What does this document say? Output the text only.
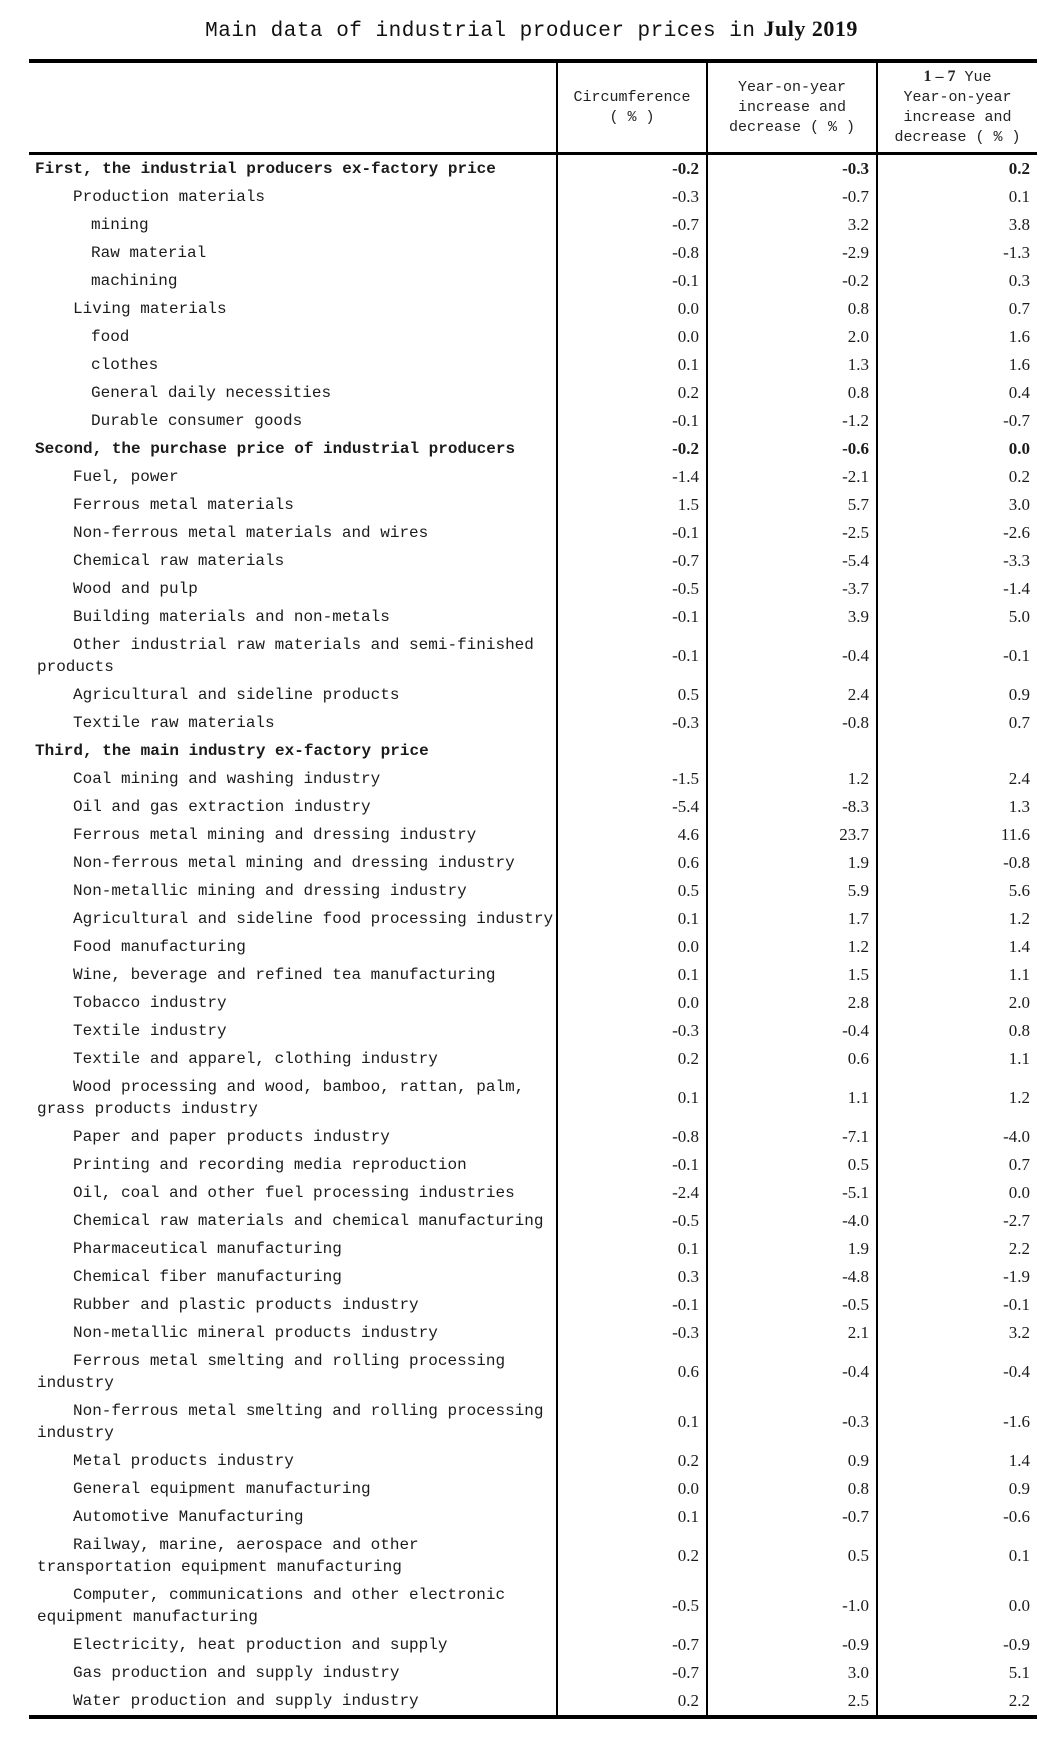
Main data of industrial producer prices in July 2019

Circumference
( % )

Year-on-year
increase and
decrease ( % )

1 – 7 Yue
Year-on-year
increase and
decrease ( % )

First, the industrial producers ex-factory price	-0.2	-0.3	0.2
Production materials	-0.3	-0.7	0.1
mining	-0.7	3.2	3.8
Raw material	-0.8	-2.9	-1.3
machining	-0.1	-0.2	0.3
Living materials	0.0	0.8	0.7
food	0.0	2.0	1.6
clothes	0.1	1.3	1.6
General daily necessities	0.2	0.8	0.4
Durable consumer goods	-0.1	-1.2	-0.7
Second, the purchase price of industrial producers	-0.2	-0.6	0.0
Fuel, power	-1.4	-2.1	0.2
Ferrous metal materials	1.5	5.7	3.0
Non-ferrous metal materials and wires	-0.1	-2.5	-2.6
Chemical raw materials	-0.7	-5.4	-3.3
Wood and pulp	-0.5	-3.7	-1.4
Building materials and non-metals	-0.1	3.9	5.0
Other industrial raw materials and semi-finished products	-0.1	-0.4	-0.1
Agricultural and sideline products	0.5	2.4	0.9
Textile raw materials	-0.3	-0.8	0.7
Third, the main industry ex-factory price			
Coal mining and washing industry	-1.5	1.2	2.4
Oil and gas extraction industry	-5.4	-8.3	1.3
Ferrous metal mining and dressing industry	4.6	23.7	11.6
Non-ferrous metal mining and dressing industry	0.6	1.9	-0.8
Non-metallic mining and dressing industry	0.5	5.9	5.6
Agricultural and sideline food processing industry	0.1	1.7	1.2
Food manufacturing	0.0	1.2	1.4
Wine, beverage and refined tea manufacturing	0.1	1.5	1.1
Tobacco industry	0.0	2.8	2.0
Textile industry	-0.3	-0.4	0.8
Textile and apparel, clothing industry	0.2	0.6	1.1
Wood processing and wood, bamboo, rattan, palm, grass products industry	0.1	1.1	1.2
Paper and paper products industry	-0.8	-7.1	-4.0
Printing and recording media reproduction	-0.1	0.5	0.7
Oil, coal and other fuel processing industries	-2.4	-5.1	0.0
Chemical raw materials and chemical manufacturing	-0.5	-4.0	-2.7
Pharmaceutical manufacturing	0.1	1.9	2.2
Chemical fiber manufacturing	0.3	-4.8	-1.9
Rubber and plastic products industry	-0.1	-0.5	-0.1
Non-metallic mineral products industry	-0.3	2.1	3.2
Ferrous metal smelting and rolling processing industry	0.6	-0.4	-0.4
Non-ferrous metal smelting and rolling processing industry	0.1	-0.3	-1.6
Metal products industry	0.2	0.9	1.4
General equipment manufacturing	0.0	0.8	0.9
Automotive Manufacturing	0.1	-0.7	-0.6
Railway, marine, aerospace and other transportation equipment manufacturing	0.2	0.5	0.1
Computer, communications and other electronic equipment manufacturing	-0.5	-1.0	0.0
Electricity, heat production and supply	-0.7	-0.9	-0.9
Gas production and supply industry	-0.7	3.0	5.1
Water production and supply industry	0.2	2.5	2.2
